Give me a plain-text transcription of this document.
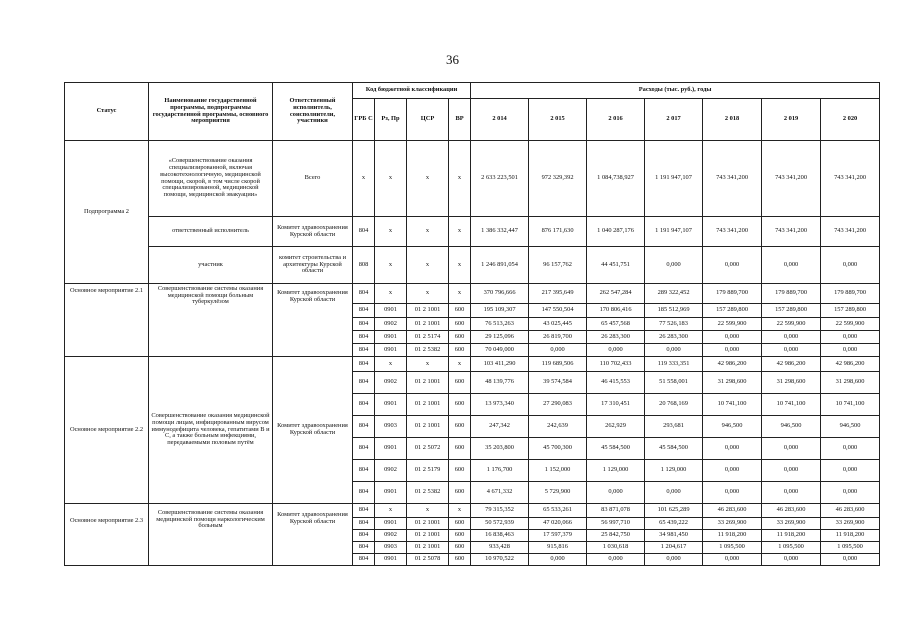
36
Статус	Наименование государственной программы, подпрограммы государственной программы, основного мероприятия	Ответственный исполнитель, соисполнители, участники	Код бюджетной классификации				Расходы (тыс. руб.), годы						
			ГРБ С	Рз, Пр	ЦСР	ВР	2 014	2 015	2 016	2 017	2 018	2 019	2 020
Подпрограмма 2	«Совершенствование оказания специализированной, включая высокотехнологичную, медицинской помощи, скорой, в том числе скорой специализированной, медицинской помощи, медицинской эвакуации»	Всего	х	х	х	х	2 633 223,501	972 329,392	1 084,738,927	1 191 947,107	743 341,200	743 341,200	743 341,200
	ответственный исполнитель	Комитет здравоохранения Курской области	804	х	х	х	1 386 332,447	876 171,630	1 040 287,176	1 191 947,107	743 341,200	743 341,200	743 341,200
	участник	комитет строительства и архитектуры Курской области	808	х	х	х	1 246 891,054	96 157,762	44 451,751	0,000	0,000	0,000	0,000
Основное мероприятие 2.1	Совершенствование системы оказания медицинской помощи больным туберкулёзом	Комитет здравоохранения Курской области	804	х	х	х	370 796,666	217 395,649	262 547,284	289 322,452	179 889,700	179 889,700	179 889,700
			804	0901	01 2 1001	600	195 109,307	147 550,504	170 806,416	185 512,969	157 289,800	157 289,800	157 289,800
			804	0902	01 2 1001	600	76 513,263	43 025,445	65 457,568	77 526,183	22 599,900	22 599,900	22 599,900
			804	0901	01 2 5174	600	29 125,096	26 819,700	26 283,300	26 283,300	0,000	0,000	0,000
			804	0901	01 2 5382	600	70 049,000	0,000	0,000	0,000	0,000	0,000	0,000
Основное мероприятие 2.2	Совершенствование оказания медицинской помощи лицам, инфицированным вирусом иммунодефицита человека, гепатитами В и С, а также больным инфекциями, передаваемыми половым путём	Комитет здравоохранения Курской области	804	х	х	х	103 411,290	119 689,506	110 702,433	119 333,351	42 986,200	42 986,200	42 986,200
			804	0902	01 2 1001	600	48 139,776	39 574,584	46 415,553	51 558,001	31 298,600	31 298,600	31 298,600
			804	0901	01 2 1001	600	13 973,340	27 290,083	17 310,451	20 768,169	10 741,100	10 741,100	10 741,100
			804	0903	01 2 1001	600	247,342	242,639	262,929	293,681	946,500	946,500	946,500
			804	0901	01 2 5072	600	35 203,800	45 700,300	45 584,500	45 584,500	0,000	0,000	0,000
			804	0902	01 2 5179	600	1 176,700	1 152,000	1 129,000	1 129,000	0,000	0,000	0,000
			804	0901	01 2 5382	600	4 671,332	5 729,900	0,000	0,000	0,000	0,000	0,000
Основное мероприятие 2.3	Совершенствование системы оказания медицинской помощи наркологическим больным	Комитет здравоохранения Курской области	804	х	х	х	79 315,352	65 533,261	83 871,078	101 625,289	46 283,600	46 283,600	46 283,600
			804	0901	01 2 1001	600	50 572,939	47 020,066	56 997,710	65 439,222	33 269,900	33 269,900	33 269,900
			804	0902	01 2 1001	600	16 838,463	17 597,379	25 842,750	34 981,450	11 918,200	11 918,200	11 918,200
			804	0903	01 2 1001	600	933,428	915,816	1 030,618	1 204,617	1 095,500	1 095,500	1 095,500
			804	0901	01 2 5078	600	10 970,522	0,000	0,000	0,000	0,000	0,000	0,000
